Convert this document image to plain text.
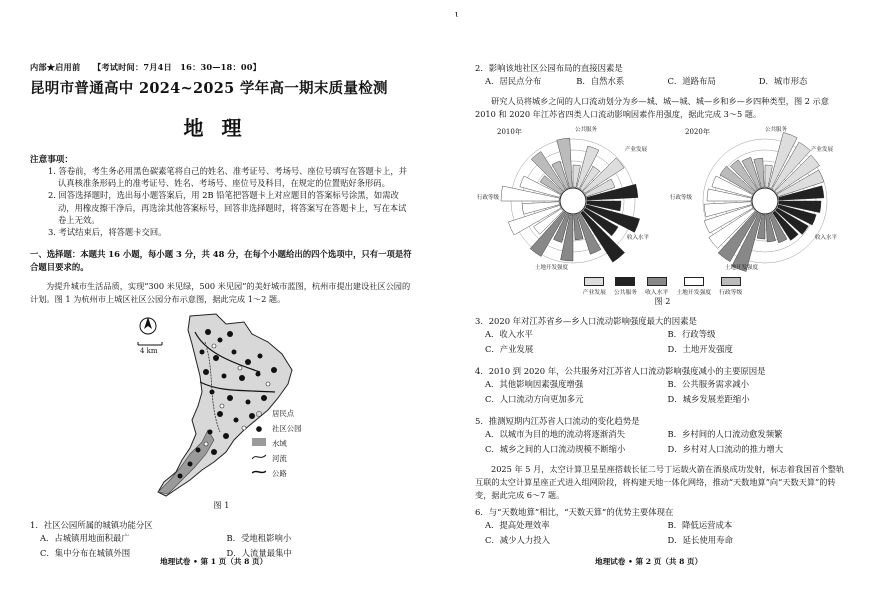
ɩ
内部★启用前　　【考试时间：7月4日　16：30—18：00】
昆明市普通高中 2024~2025 学年高一期末质量检测
地理
注意事项：
1. 答卷前，考生务必用黑色碳素笔将自己的姓名、准考证号、考场号、座位号填写在答题卡上，并认真核准条形码上的准考证号、姓名、考场号、座位号及科目，在规定的位置贴好条形码。
2. 回答选择题时，选出每小题答案后，用 2B 铅笔把答题卡上对应题目的答案标号涂黑，如需改动，用橡皮擦干净后，再选涂其他答案标号，回答非选择题时，将答案写在答题卡上，写在本试卷上无效。
3. 考试结束后，将答题卡交回。
一、选择题：本题共 16 小题，每小题 3 分，共 48 分，在每个小题给出的四个选项中，只有一项是符合题目要求的。
为提升城市生活品质，实现“300 米见绿，500 米见园”的美好城市蓝图，杭州市提出建设社区公园的计划。图 1 为杭州市上城区社区公园分布示意图，据此完成 1～2 题。
4 km
○	居民点
●	社区公园
水域
河流
公路
图 1
1．社区公园所属的城镇功能分区
A．占城镇用地面积最广	B．受地租影响小
C．集中分布在城镇外围	D．人流量最集中
地理试卷 • 第 1 页（共 8 页）
2．影响该地社区公园布局的直接因素是
A．居民点分布	B．自然水系	C．道路布局	D．城市形态
研究人员将城乡之间的人口流动划分为乡—城、城—城、城—乡和乡—乡四种类型，图 2 示意 2010 和 2020 年江苏省四类人口流动影响因素作用强度，据此完成 3～5 题。
2010年	2020年
公共服务
产业发展
收入水平
土地开发强度
行政等级
公共服务
产业发展
收入水平
土地开发强度
行政等级
产业发展 公共服务 收入水平 土地开发强度 行政等级
图 2
3．2020 年对江苏省乡—乡人口流动影响强度最大的因素是
A．收入水平	B．行政等级
C．产业发展	D．土地开发强度
4．2010 到 2020 年，公共服务对江苏省人口流动影响强度减小的主要原因是
A．其他影响因素强度增强	B．公共服务需求减小
C．人口流动方向更加多元	D．城乡发展差距缩小
5．推测短期内江苏省人口流动的变化趋势是
A．以城市为目的地的流动将逐渐消失	B．乡村间的人口流动愈发频繁
C．城乡之间的人口流动规模不断缩小	D．乡村对人口流动的推力增大
2025 年 5 月，太空计算卫星星座搭载长征二号丁运载火箭在酒泉成功发射，标志着我国首个整轨互联的太空计算星座正式进入组网阶段，将构建天地一体化网络，推动“天数地算”向“天数天算”的转变，据此完成 6～7 题。
6．与“天数地算”相比，“天数天算”的优势主要体现在
A．提高处理效率	B．降低运营成本
C．减少人力投入	D．延长使用寿命
地理试卷 • 第 2 页（共 8 页）
